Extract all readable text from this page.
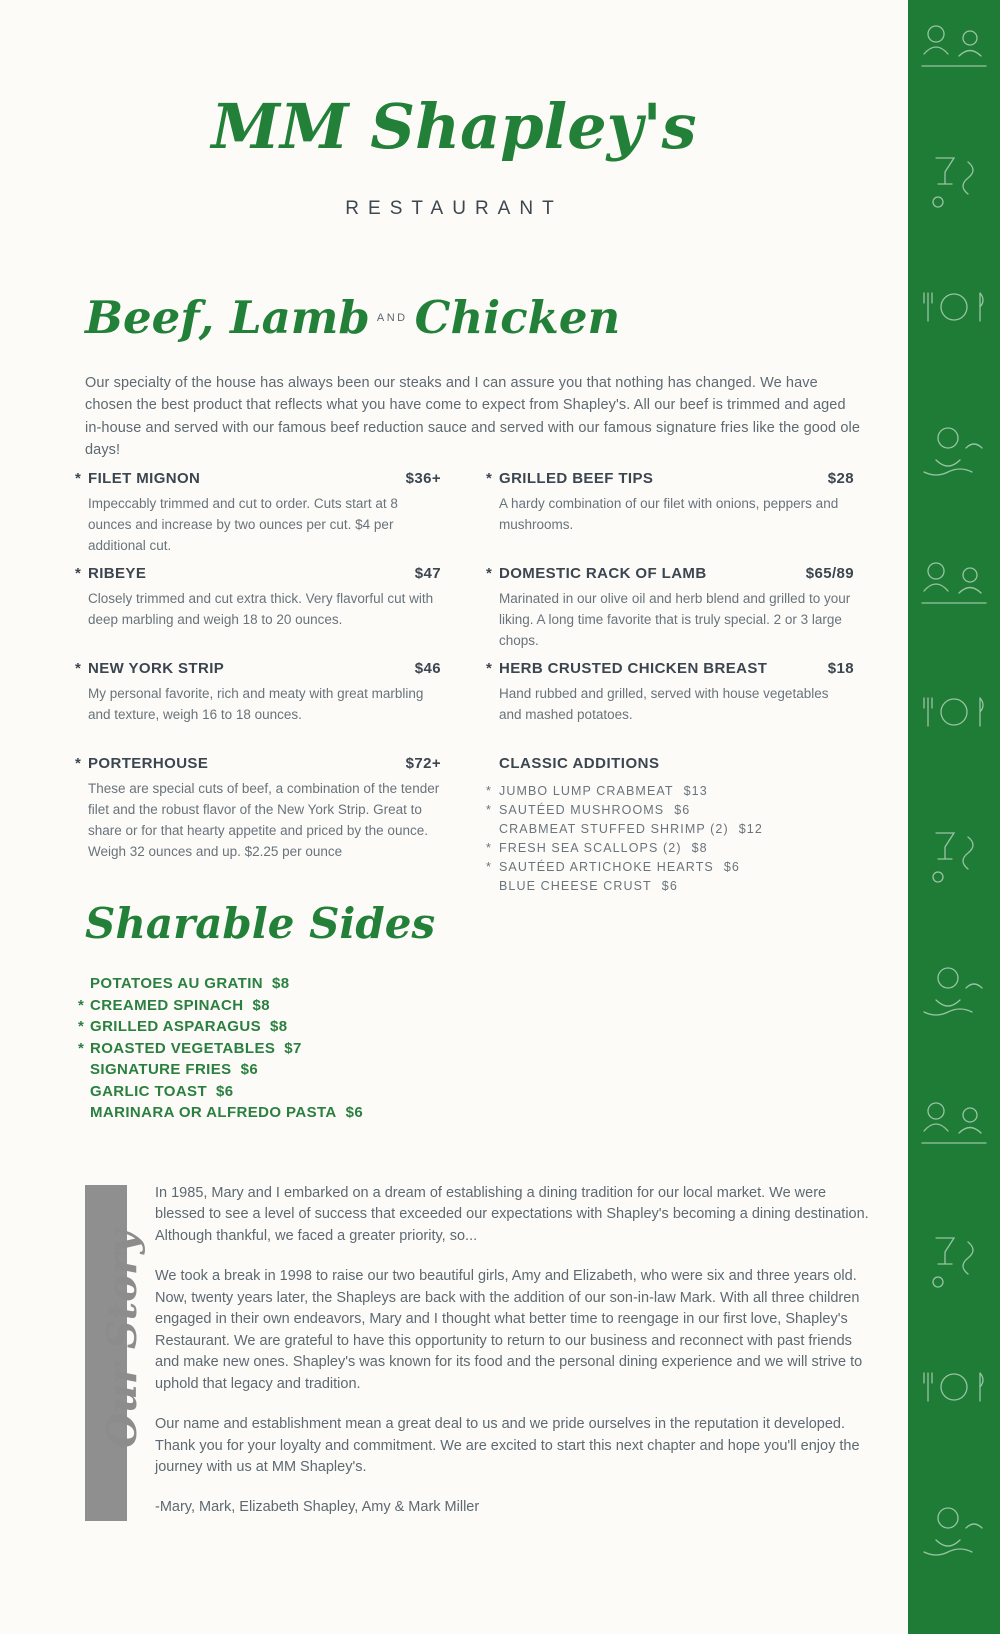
MM Shapley's
RESTAURANT
Beef, Lamb $^{AND}$ Chicken
Our specialty of the house has always been our steaks and I can assure you that nothing has changed. We have chosen the best product that reflects what you have come to expect from Shapley's. All our beef is trimmed and aged in-house and served with our famous beef reduction sauce and served with our famous signature fries like the good ole days!
* FILET MIGNON	$36+
Impeccably trimmed and cut to order. Cuts start at 8 ounces and increase by two ounces per cut. $4 per additional cut.
* RIBEYE	$47
Closely trimmed and cut extra thick. Very flavorful cut with deep marbling and weigh 18 to 20 ounces.
* NEW YORK STRIP	$46
My personal favorite, rich and meaty with great marbling and texture, weigh 16 to 18 ounces.
* PORTERHOUSE	$72+
These are special cuts of beef, a combination of the tender filet and the robust flavor of the New York Strip. Great to share or for that hearty appetite and priced by the ounce. Weigh 32 ounces and up. $2.25 per ounce
* GRILLED BEEF TIPS	$28
A hardy combination of our filet with onions, peppers and mushrooms.
* DOMESTIC RACK OF LAMB	$65/89
Marinated in our olive oil and herb blend and grilled to your liking. A long time favorite that is truly special. 2 or 3 large chops.
* HERB CRUSTED CHICKEN BREAST	$18
Hand rubbed and grilled, served with house vegetables and mashed potatoes.
CLASSIC ADDITIONS
* JUMBO LUMP CRABMEAT $13
* SAUTÉED MUSHROOMS $6
CRABMEAT STUFFED SHRIMP (2) $12
* FRESH SEA SCALLOPS (2) $8
* SAUTÉED ARTICHOKE HEARTS $6
BLUE CHEESE CRUST $6
Sharable Sides
POTATOES AU GRATIN $8
* CREAMED SPINACH $8
* GRILLED ASPARAGUS $8
* ROASTED VEGETABLES $7
SIGNATURE FRIES $6
GARLIC TOAST $6
MARINARA OR ALFREDO PASTA $6
Our Story

In 1985, Mary and I embarked on a dream of establishing a dining tradition for our local market. We were blessed to see a level of success that exceeded our expectations with Shapley's becoming a dining destination. Although thankful, we faced a greater priority, so...

We took a break in 1998 to raise our two beautiful girls, Amy and Elizabeth, who were six and three years old. Now, twenty years later, the Shapleys are back with the addition of our son-in-law Mark. With all three children engaged in their own endeavors, Mary and I thought what better time to reengage in our first love, Shapley's Restaurant. We are grateful to have this opportunity to return to our business and reconnect with past friends and make new ones. Shapley's was known for its food and the personal dining experience and we will strive to uphold that legacy and tradition.

Our name and establishment mean a great deal to us and we pride ourselves in the reputation it developed. Thank you for your loyalty and commitment. We are excited to start this next chapter and hope you'll enjoy the journey with us at MM Shapley's.

-Mary, Mark, Elizabeth Shapley, Amy & Mark Miller
